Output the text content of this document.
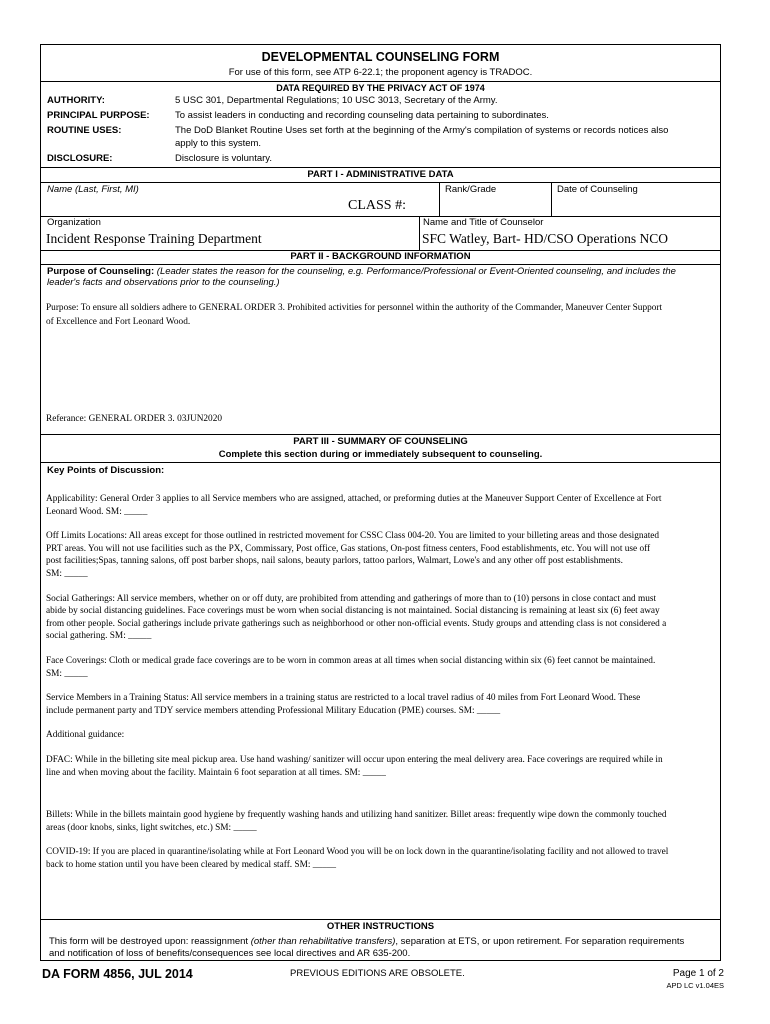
DEVELOPMENTAL COUNSELING FORM
For use of this form, see ATP 6-22.1; the proponent agency is TRADOC.
DATA REQUIRED BY THE PRIVACY ACT OF 1974
AUTHORITY:	5 USC 301, Departmental Regulations; 10 USC 3013, Secretary of the Army.
PRINCIPAL PURPOSE:	To assist leaders in conducting and recording counseling data pertaining to subordinates.
ROUTINE USES:	The DoD Blanket Routine Uses set forth at the beginning of the Army's compilation of systems or records notices also
apply to this system.
DISCLOSURE:	Disclosure is voluntary.
PART I - ADMINISTRATIVE DATA
Name (Last, First, MI)
CLASS #:
Rank/Grade	Date of Counseling
Organization
Incident Response Training Department
Name and Title of Counselor
SFC Watley, Bart- HD/CSO Operations NCO
PART II - BACKGROUND INFORMATION
Purpose of Counseling: (Leader states the reason for the counseling, e.g. Performance/Professional or Event-Oriented counseling, and includes the
leader's facts and observations prior to the counseling.)
Purpose: To ensure all soldiers adhere to GENERAL ORDER 3. Prohibited activities for personnel within the authority of the Commander, Maneuver Center Support
of Excellence and Fort Leonard Wood.
Referance: GENERAL ORDER 3. 03JUN2020
PART III - SUMMARY OF COUNSELING
Complete this section during or immediately subsequent to counseling.
Key Points of Discussion:
Applicability: General Order 3 applies to all Service members who are assigned, attached, or preforming duties at the Maneuver Support Center of Excellence at Fort
Leonard Wood. SM: _____
Off Limits Locations: All areas except for those outlined in restricted movement for CSSC Class 004-20. You are limited to your billeting areas and those designated
PRT areas. You will not use facilities such as the PX, Commissary, Post office, Gas stations, On-post fitness centers, Food establishments, etc. You will not use off
post facilities;Spas, tanning salons, off post barber shops, nail salons, beauty parlors, tattoo parlors, Walmart, Lowe's and any other off post establishments.
SM: _____
Social Gatherings: All service members, whether on or off duty, are prohibited from attending and gatherings of more than to (10) persons in close contact and must
abide by social distancing guidelines. Face coverings must be worn when social distancing is not maintained. Social distancing is remaining at least six (6) feet away
from other people. Social gatherings include private gatherings such as neighborhood or other non-official events. Study groups and attending class is not considered a
social gathering. SM: _____
Face Coverings: Cloth or medical grade face coverings are to be worn in common areas at all times when social distancing within six (6) feet cannot be maintained.
SM: _____
Service Members in a Training Status: All service members in a training status are restricted to a local travel radius of 40 miles from Fort Leonard Wood. These
include permanent party and TDY service members attending Professional Military Education (PME) courses. SM: _____
Additional guidance:
DFAC: While in the billeting site meal pickup area. Use hand washing/ sanitizer will occur upon entering the meal delivery area. Face coverings are required while in
line and when moving about the facility. Maintain 6 foot separation at all times. SM: _____
Billets: While in the billets maintain good hygiene by frequently washing hands and utilizing hand sanitizer. Billet areas: frequently wipe down the commonly touched
areas (door knobs, sinks, light switches, etc.) SM: _____
COVID-19: If you are placed in quarantine/isolating while at Fort Leonard Wood you will be on lock down in the quarantine/isolating facility and not allowed to travel
back to home station until you have been cleared by medical staff. SM: _____
OTHER INSTRUCTIONS
This form will be destroyed upon: reassignment (other than rehabilitative transfers), separation at ETS, or upon retirement. For separation requirements
and notification of loss of benefits/consequences see local directives and AR 635-200.
DA FORM 4856, JUL 2014	PREVIOUS EDITIONS ARE OBSOLETE.	Page 1 of 2
APD LC v1.04ES
